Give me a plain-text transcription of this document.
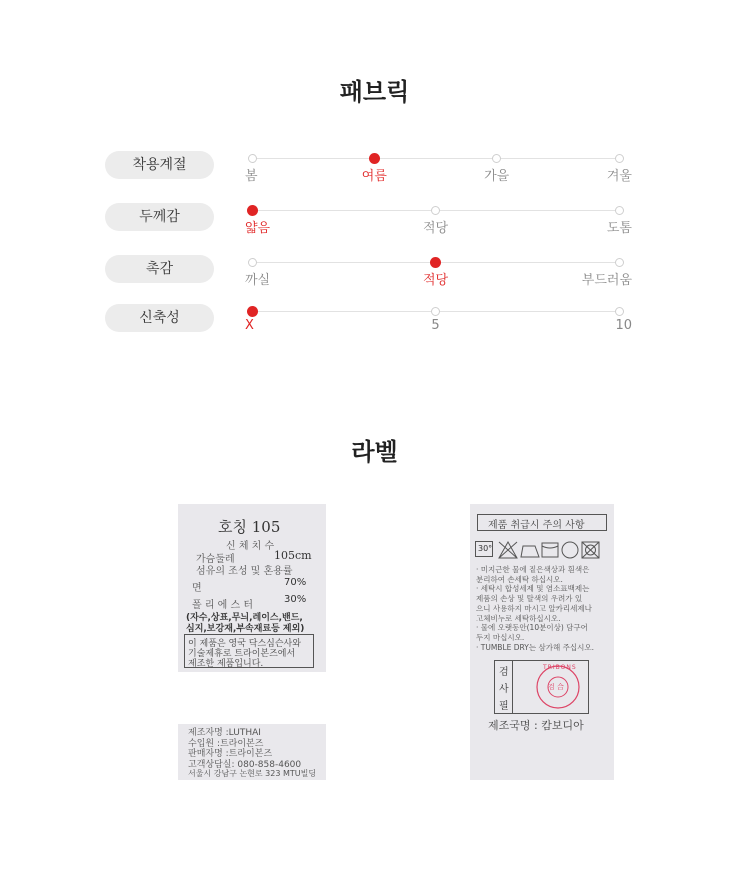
패브릭
착용계절
봄	여름	가을	겨울
두께감
얇음	적당	도톰
촉감
까실	적당	부드러움
신축성	X	5	10
라벨
호칭 105
신 체 치 수
가슴둘레	105cm
섬유의 조성 및 혼용률
면
70%
폴 리 에 스 터
30%
(자수,상표,무늬,레이스,밴드,
심지,보강재,부속재료등 제외)
이 제품은 영국 닥스심슨사와
기술제휴로 트라이본즈에서
제조한 제품입니다.
제조자명 :LUTHAI
수입원 :트라이본즈
판매자명 :트라이본즈
고객상담실: 080-858-4600
서울시 강남구 논현로 323 MTU빌딩
제품 취급시 주의 사항
30°
· 미지근한 물에 짙은색상과 흰색은
분리하여 손세탁 하십시오.
· 세탁시 합성세제 및 염소표백제는
제품의 손상 및 탈색의 우려가 있
으니 사용하지 마시고 알카리세제나
고체비누로 세탁하십시오.
· 물에 오랫동안(10분이상) 담구어
두지 마십시오.
· TUMBLE DRY는 삼가해 주십시오.
검
사
필
TRIBONS
검 合
제조국명 : 캄보디아
